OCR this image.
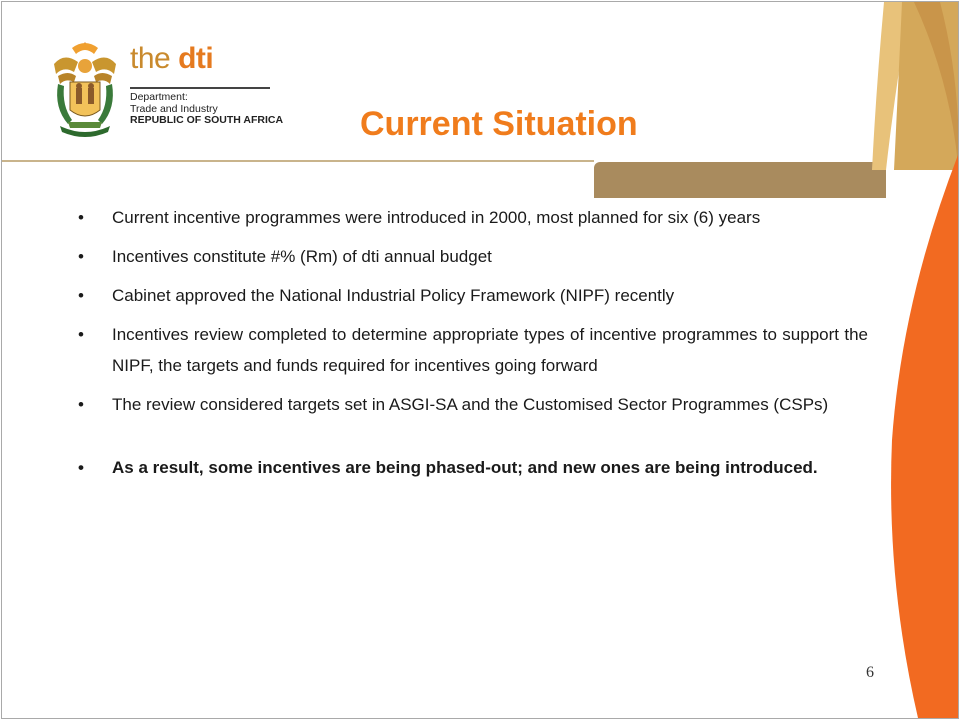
the dti
Department:
Trade and Industry
REPUBLIC OF SOUTH AFRICA Current Situation
• Current incentive programmes were introduced in 2000, most planned for six (6) years
• Incentives constitute #% (Rm) of dti annual budget
• Cabinet approved the National Industrial Policy Framework (NIPF) recently
• Incentives review completed to determine appropriate types of incentive programmes to support the NIPF, the targets and funds required for incentives going forward
• The review considered targets set in ASGI-SA and the Customised Sector Programmes (CSPs)
• As a result, some incentives are being phased-out; and new ones are being introduced.
6
